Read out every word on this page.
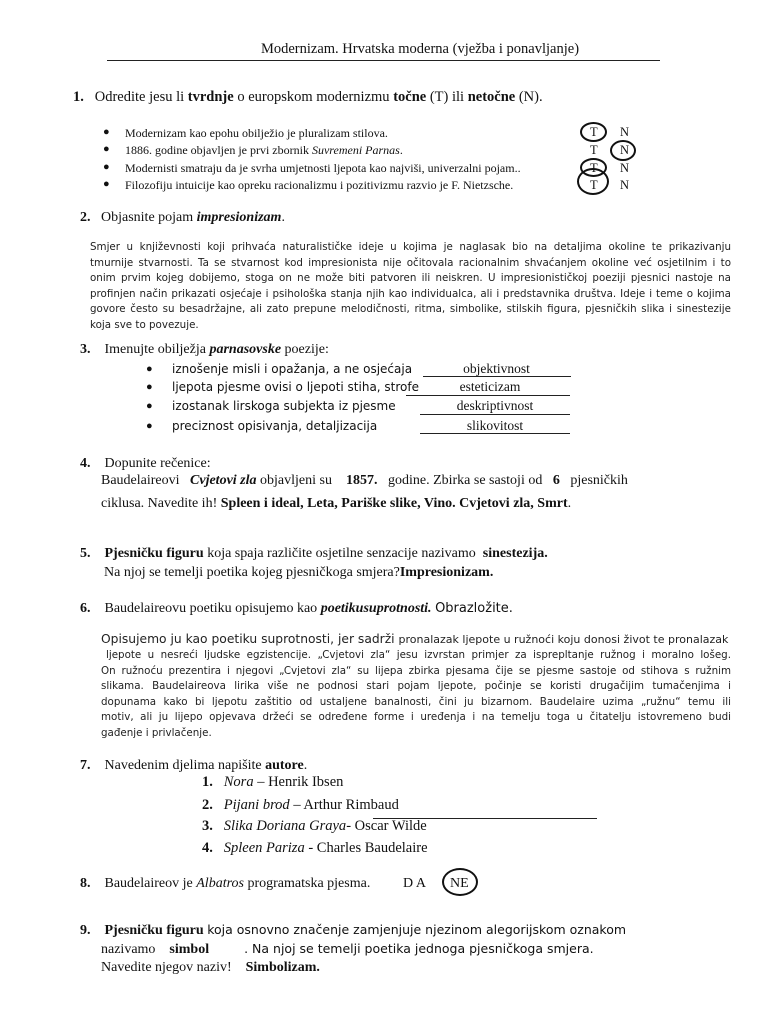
Modernizam. Hrvatska moderna (vježba i ponavljanje)
1. Odredite jesu li tvrdnje o europskom modernizmu točne (T) ili netočne (N).
● Modernizam kao epohu obilježio je pluralizam stilova.	T N
● 1886. godine objavljen je prvi zbornik Suvremeni Parnas.	T N
● Modernisti smatraju da je svrha umjetnosti ljepota kao najviši, univerzalni pojam..	T N
● Filozofiju intuicije kao opreku racionalizmu i pozitivizmu razvio je F. Nietzsche.	T N
2. Objasnite pojam impresionizam.
Smjer u književnosti koji prihvaća naturalističke ideje u kojima je naglasak bio na detaljima okoline te prikazivanju
tmurnije stvarnosti. Ta se stvarnost kod impresionista nije očitovala racionalnim shvaćanjem okoline već osjetilnim i to
onim prvim kojeg dobijemo, stoga on ne može biti patvoren ili neiskren. U impresionističkoj poeziji pjesnici nastoje na
profinjen način prikazati osjećaje i psihološka stanja njih kao individualca, ali i predstavnika društva. Ideje i teme o kojima
govore često su besadržajne, ali zato prepune melodičnosti, ritma, simbolike, stilskih figura, pjesničkih slika i sinestezije
koja sve to povezuje.
3. Imenujte obilježja parnasovske poezije:
● iznošenje misli i opažanja, a ne osjećaja	objektivnost
● ljepota pjesme ovisi o ljepoti stiha, strofe	esteticizam
● izostanak lirskoga subjekta iz pjesme	deskriptivnost
● preciznost opisivanja, detaljizacija	slikovitost
4. Dopunite rečenice:
Baudelaireovi Cvjetovi zla objavljeni su 1857. godine. Zbirka se sastoji od 6 pjesničkih
ciklusa. Navedite ih! Spleen i ideal, Leta, Pariške slike, Vino. Cvjetovi zla, Smrt.
5. Pjesničku figuru koja spaja različite osjetilne senzacije nazivamo sinestezija.
Na njoj se temelji poetika kojeg pjesničkoga smjera?Impresionizam.
6. Baudelaireovu poetiku opisujemo kao poetikusuprotnosti. Obrazložite.
Opisujemo ju kao poetiku suprotnosti, jer sadrži pronalazak ljepote u ružnoći koju donosi život te pronalazak
ljepote u nesreći ljudske egzistencije. „Cvjetovi zla“ jesu izvrstan primjer za isprepltanje ružnog i moralno lošeg.
On ružnoću prezentira i njegovi „Cvjetovi zla“ su lijepa zbirka pjesama čije se pjesme sastoje od stihova s ružnim
slikama. Baudelaireova lirika više ne podnosi stari pojam ljepote, počinje se koristi drugačijim tumačenjima i
dopunama kako bi ljepotu zaštitio od ustaljene banalnosti, čini ju bizarnom. Baudelaire uzima „ružnu“ temu ili
motiv, ali ju lijepo opjevava držeći se određene forme i uređenja i na temelju toga u čitatelju istovremeno budi
gađenje i privlačenje.
7. Navedenim djelima napišite autore.
1. Nora – Henrik Ibsen
2. Pijani brod – Arthur Rimbaud
3. Slika Doriana Graya- Oscar Wilde
4. Spleen Pariza - Charles Baudelaire
8. Baudelaireov je Albatros programatska pjesma. D A NE
9. Pjesničku figuru koja osnovno značenje zamjenjuje njezinom alegorijskom oznakom
nazivamo simbol	. Na njoj se temelji poetika jednoga pjesničkoga smjera.
Navedite njegov naziv! Simbolizam.
